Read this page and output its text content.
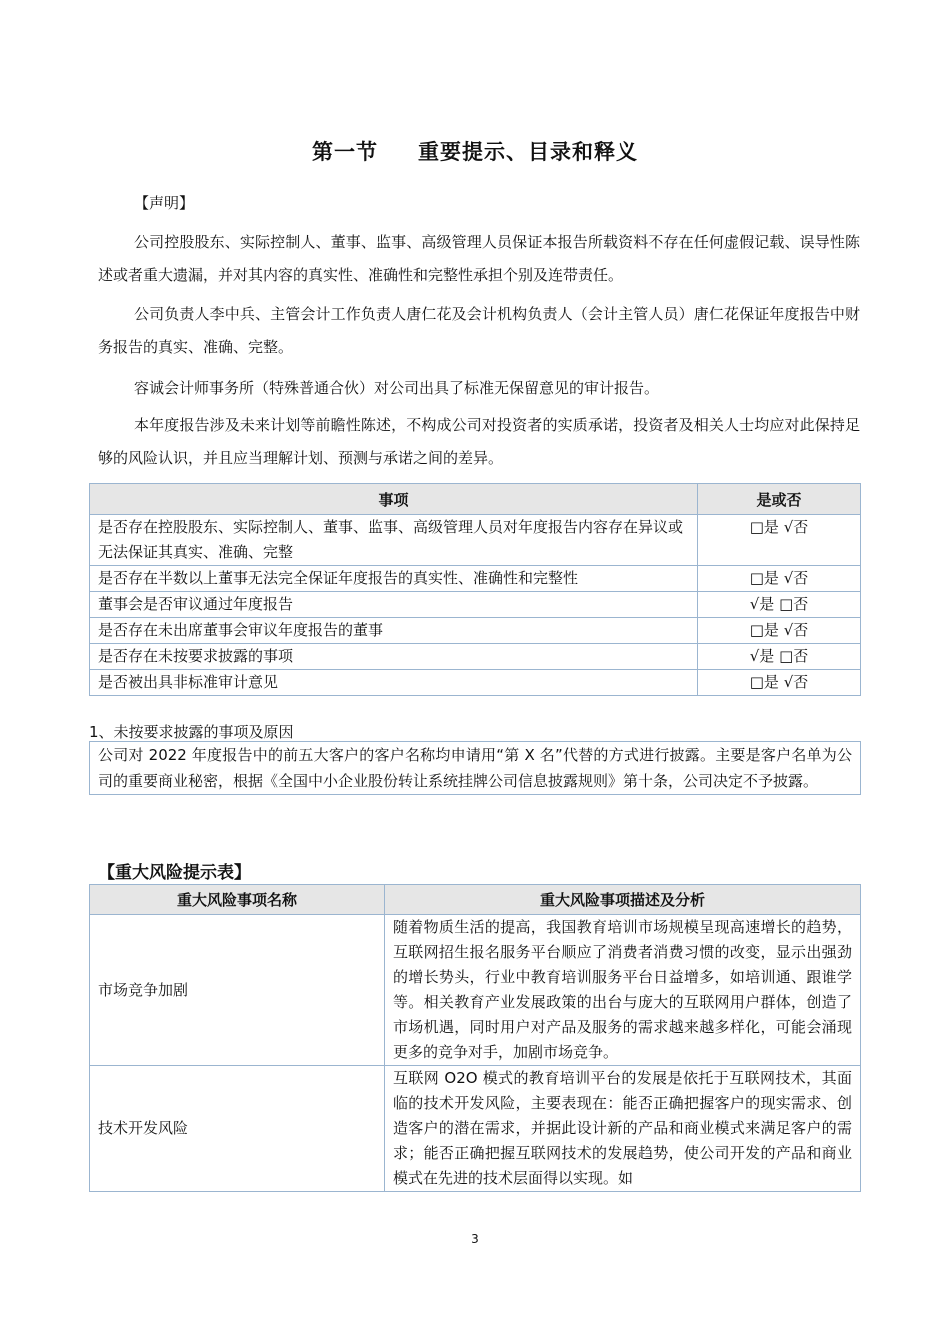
第一节 重要提示、目录和释义
【声明】
公司控股股东、实际控制人、董事、监事、高级管理人员保证本报告所载资料不存在任何虚假记载、误导性陈述或者重大遗漏，并对其内容的真实性、准确性和完整性承担个别及连带责任。
公司负责人李中兵、主管会计工作负责人唐仁花及会计机构负责人（会计主管人员）唐仁花保证年度报告中财务报告的真实、准确、完整。
容诚会计师事务所（特殊普通合伙）对公司出具了标准无保留意见的审计报告。
本年度报告涉及未来计划等前瞻性陈述，不构成公司对投资者的实质承诺，投资者及相关人士均应对此保持足够的风险认识，并且应当理解计划、预测与承诺之间的差异。
事项	是或否
是否存在控股股东、实际控制人、董事、监事、高级管理人员对年度报告内容存在异议或无法保证其真实、准确、完整	□是 √否
是否存在半数以上董事无法完全保证年度报告的真实性、准确性和完整性	□是 √否
董事会是否审议通过年度报告	√是 □否
是否存在未出席董事会审议年度报告的董事	□是 √否
是否存在未按要求披露的事项	√是 □否
是否被出具非标准审计意见	□是 √否
1、未按要求披露的事项及原因
公司对 2022 年度报告中的前五大客户的客户名称均申请用“第 X 名”代替的方式进行披露。主要是客户名单为公司的重要商业秘密，根据《全国中小企业股份转让系统挂牌公司信息披露规则》第十条，公司决定不予披露。
【重大风险提示表】
重大风险事项名称	重大风险事项描述及分析
市场竞争加剧	随着物质生活的提高，我国教育培训市场规模呈现高速增长的趋势，互联网招生报名服务平台顺应了消费者消费习惯的改变，显示出强劲的增长势头，行业中教育培训服务平台日益增多，如培训通、跟谁学等。相关教育产业发展政策的出台与庞大的互联网用户群体，创造了市场机遇，同时用户对产品及服务的需求越来越多样化，可能会涌现更多的竞争对手，加剧市场竞争。
技术开发风险	互联网 O2O 模式的教育培训平台的发展是依托于互联网技术，其面临的技术开发风险，主要表现在：能否正确把握客户的现实需求、创造客户的潜在需求，并据此设计新的产品和商业模式来满足客户的需求；能否正确把握互联网技术的发展趋势，使公司开发的产品和商业模式在先进的技术层面得以实现。如
3
